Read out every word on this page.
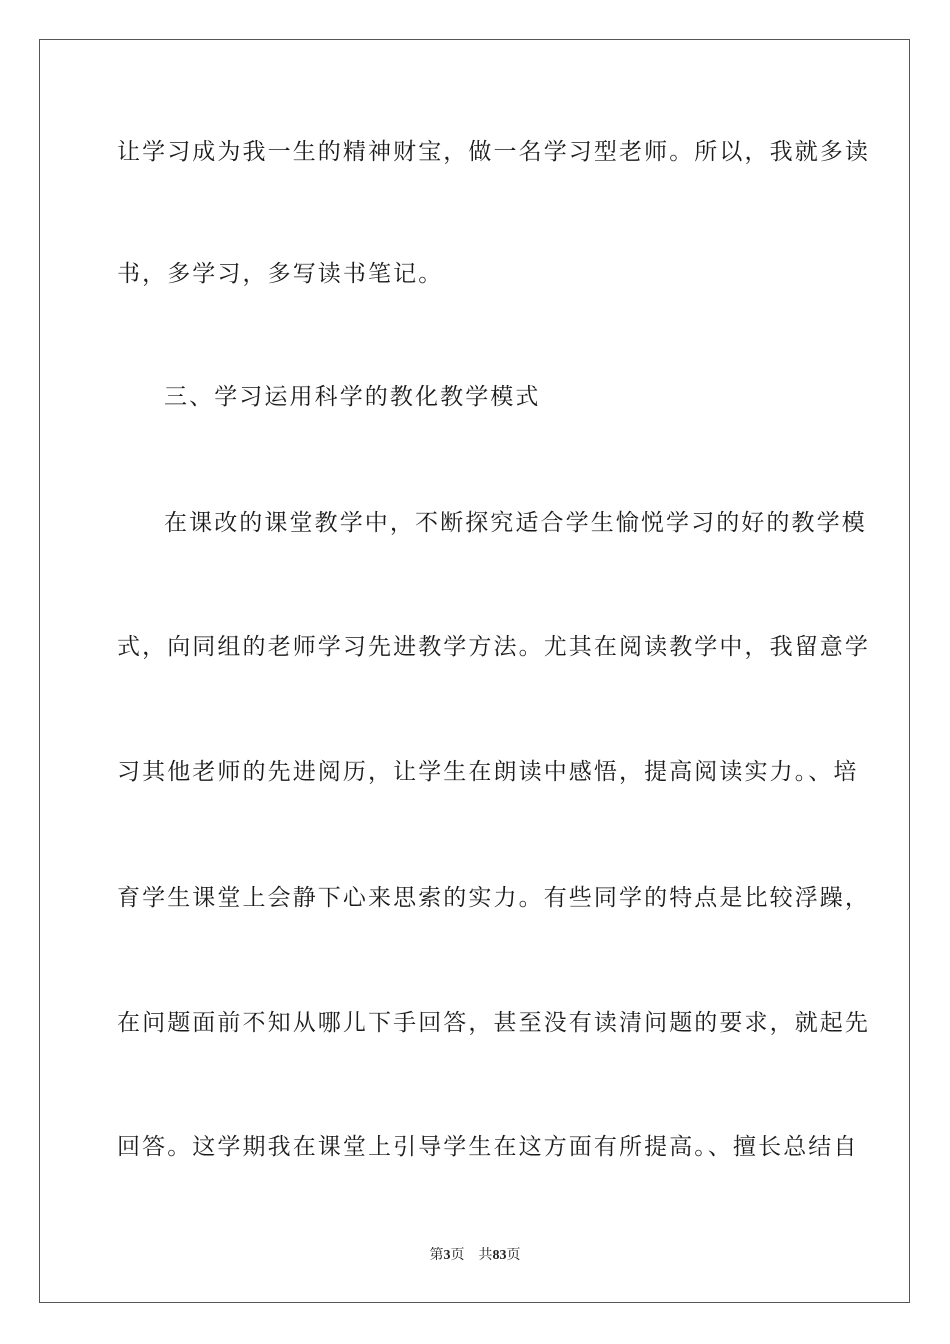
让学习成为我一生的精神财宝，做一名学习型老师。所以，我就多读
书，多学习，多写读书笔记。
三、学习运用科学的教化教学模式
在课改的课堂教学中，不断探究适合学生愉悦学习的好的教学模
式，向同组的老师学习先进教学方法。尤其在阅读教学中，我留意学
习其他老师的先进阅历，让学生在朗读中感悟，提高阅读实力。、培
育学生课堂上会静下心来思索的实力。有些同学的特点是比较浮躁，
在问题面前不知从哪儿下手回答，甚至没有读清问题的要求，就起先
回答。这学期我在课堂上引导学生在这方面有所提高。、擅长总结自
第3页 共83页
